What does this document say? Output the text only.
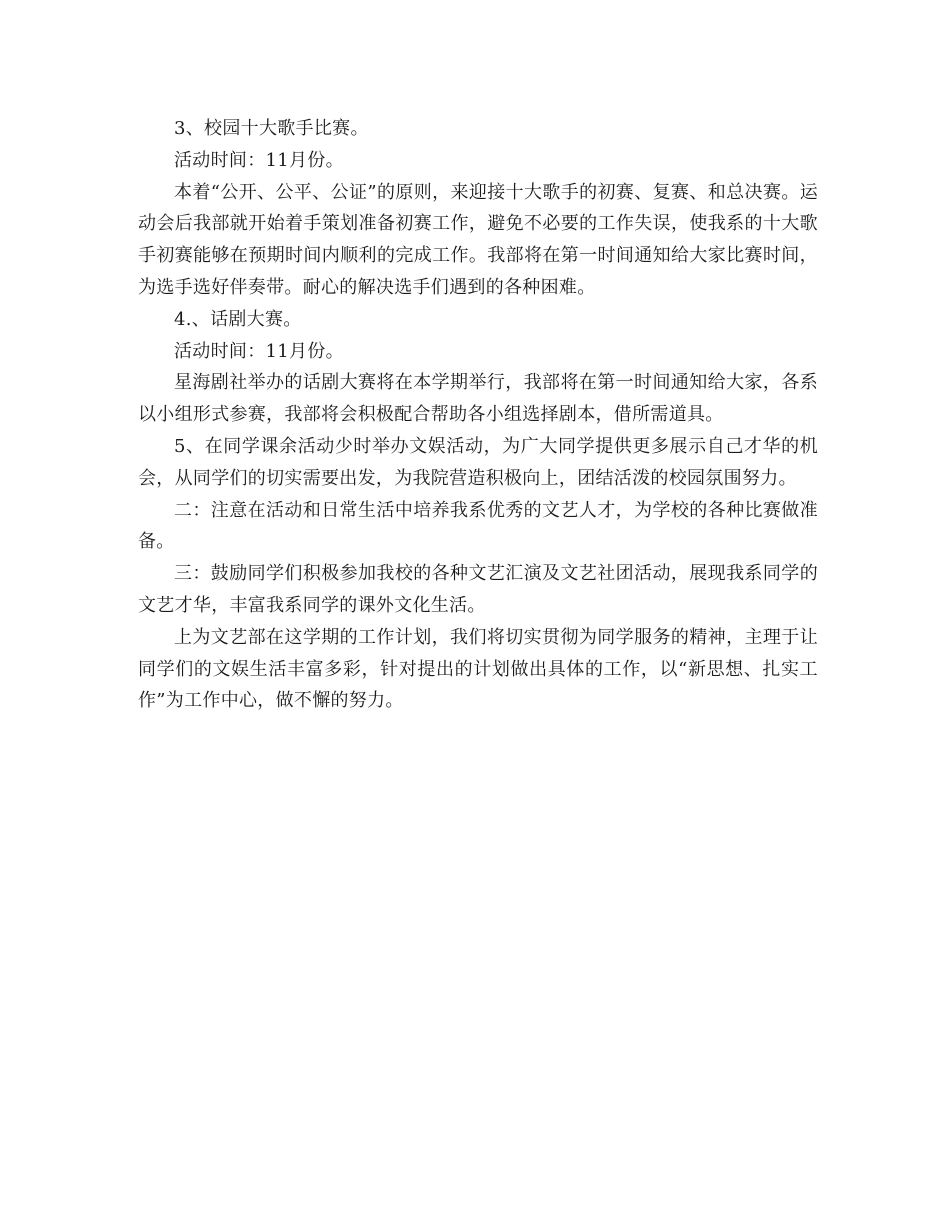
3、校园十大歌手比赛。

活动时间：11月份。

本着“公开、公平、公证”的原则，来迎接十大歌手的初赛、复赛、和总决赛。运动会后我部就开始着手策划准备初赛工作，避免不必要的工作失误，使我系的十大歌手初赛能够在预期时间内顺利的完成工作。我部将在第一时间通知给大家比赛时间，为选手选好伴奏带。耐心的解决选手们遇到的各种困难。

4.、话剧大赛。

活动时间：11月份。

星海剧社举办的话剧大赛将在本学期举行，我部将在第一时间通知给大家，各系以小组形式参赛，我部将会积极配合帮助各小组选择剧本，借所需道具。

5、在同学课余活动少时举办文娱活动，为广大同学提供更多展示自己才华的机会，从同学们的切实需要出发，为我院营造积极向上，团结活泼的校园氛围努力。

二：注意在活动和日常生活中培养我系优秀的文艺人才，为学校的各种比赛做准备。

三：鼓励同学们积极参加我校的各种文艺汇演及文艺社团活动，展现我系同学的文艺才华，丰富我系同学的课外文化生活。

上为文艺部在这学期的工作计划，我们将切实贯彻为同学服务的精神，主理于让同学们的文娱生活丰富多彩，针对提出的计划做出具体的工作，以“新思想、扎实工作”为工作中心，做不懈的努力。
